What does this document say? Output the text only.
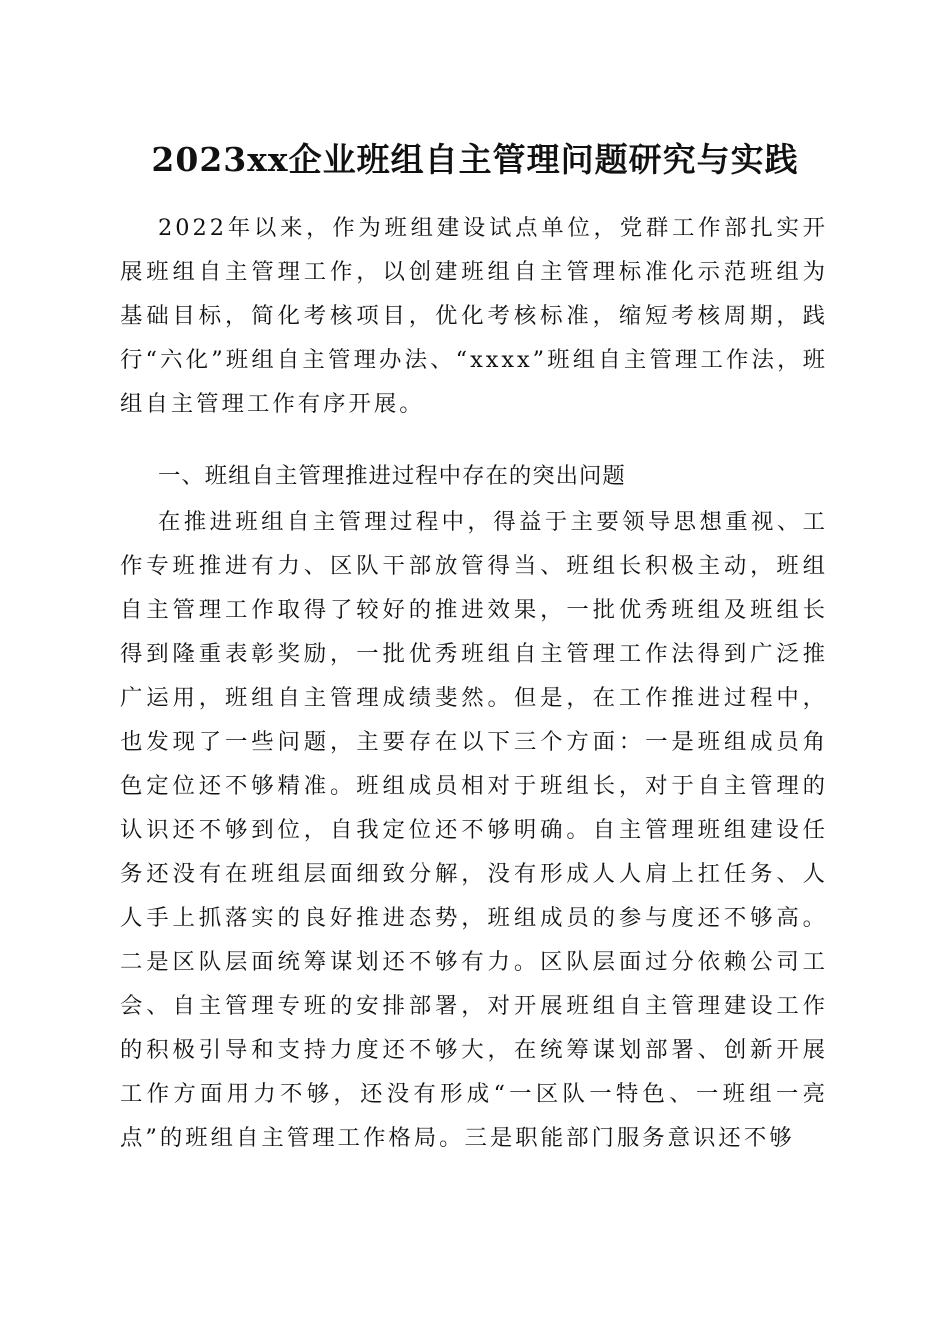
2023xx企业班组自主管理问题研究与实践

2022年以来，作为班组建设试点单位，党群工作部扎实开展班组自主管理工作，以创建班组自主管理标准化示范班组为基础目标，简化考核项目，优化考核标准，缩短考核周期，践行“六化”班组自主管理办法、“xxxx”班组自主管理工作法，班组自主管理工作有序开展。

一、班组自主管理推进过程中存在的突出问题

在推进班组自主管理过程中，得益于主要领导思想重视、工作专班推进有力、区队干部放管得当、班组长积极主动，班组自主管理工作取得了较好的推进效果，一批优秀班组及班组长得到隆重表彰奖励，一批优秀班组自主管理工作法得到广泛推广运用，班组自主管理成绩斐然。但是，在工作推进过程中，也发现了一些问题，主要存在以下三个方面：一是班组成员角色定位还不够精准。班组成员相对于班组长，对于自主管理的认识还不够到位，自我定位还不够明确。自主管理班组建设任务还没有在班组层面细致分解，没有形成人人肩上扛任务、人人手上抓落实的良好推进态势，班组成员的参与度还不够高。二是区队层面统筹谋划还不够有力。区队层面过分依赖公司工会、自主管理专班的安排部署，对开展班组自主管理建设工作的积极引导和支持力度还不够大，在统筹谋划部署、创新开展工作方面用力不够，还没有形成“一区队一特色、一班组一亮点”的班组自主管理工作格局。三是职能部门服务意识还不够
